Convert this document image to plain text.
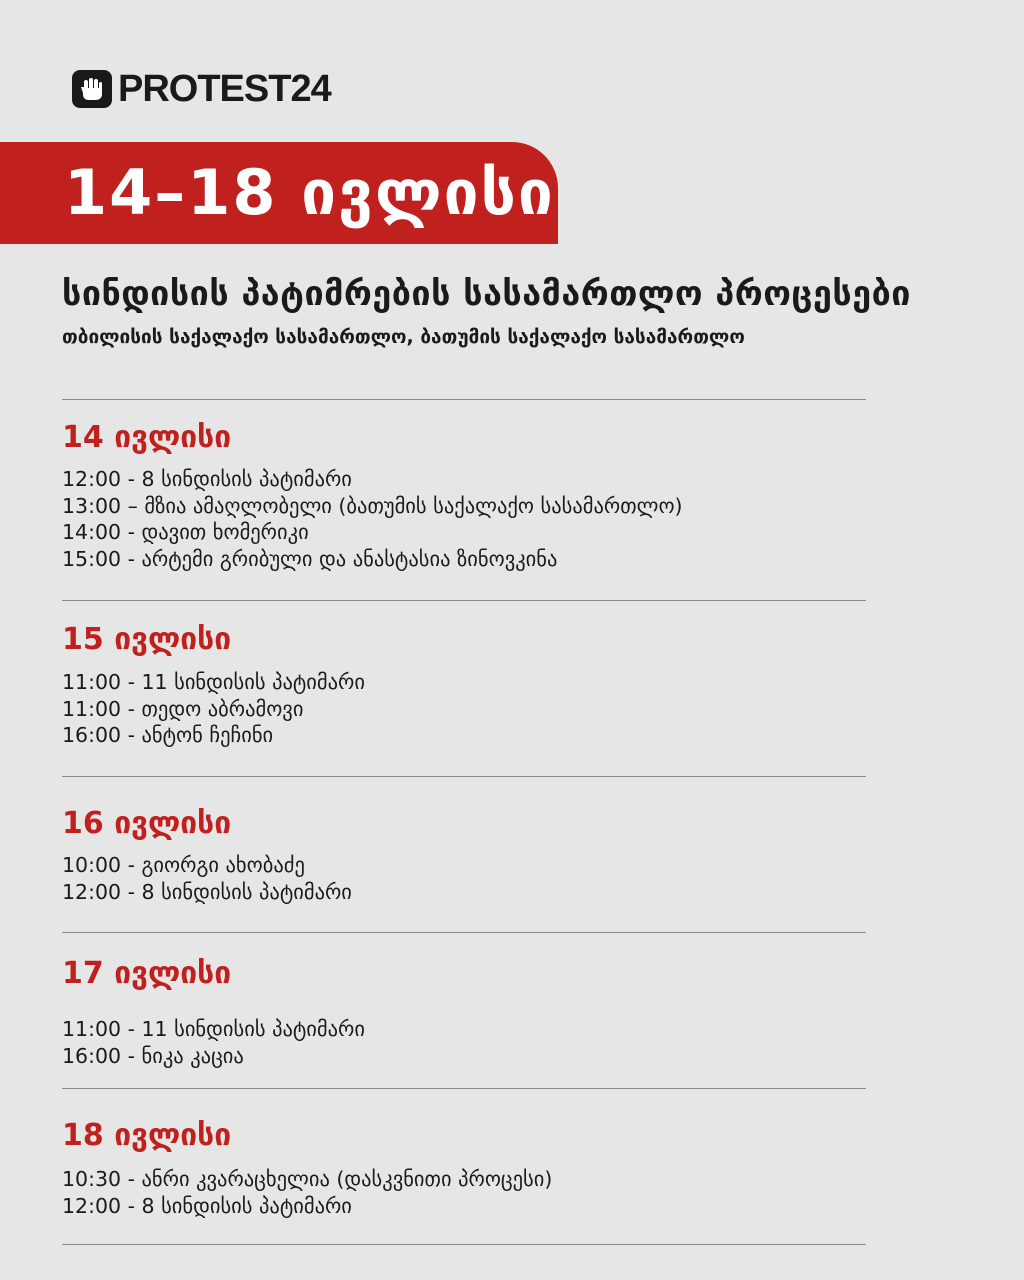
PROTEST24
14–18 ივლისი
სინდისის პატიმრების სასამართლო პროცესები
თბილისის საქალაქო სასამართლო, ბათუმის საქალაქო სასამართლო
14 ივლისი
12:00 - 8 სინდისის პატიმარი
13:00 – მზია ამაღლობელი (ბათუმის საქალაქო სასამართლო)
14:00 - დავით ხომერიკი
15:00 - არტემი გრიბული და ანასტასია ზინოვკინა
15 ივლისი
11:00 - 11 სინდისის პატიმარი
11:00 - თედო აბრამოვი
16:00 - ანტონ ჩეჩინი
16 ივლისი
10:00 - გიორგი ახობაძე
12:00 - 8 სინდისის პატიმარი
17 ივლისი
11:00 - 11 სინდისის პატიმარი
16:00 - ნიკა კაცია
18 ივლისი
10:30 - ანრი კვარაცხელია (დასკვნითი პროცესი)
12:00 - 8 სინდისის პატიმარი
